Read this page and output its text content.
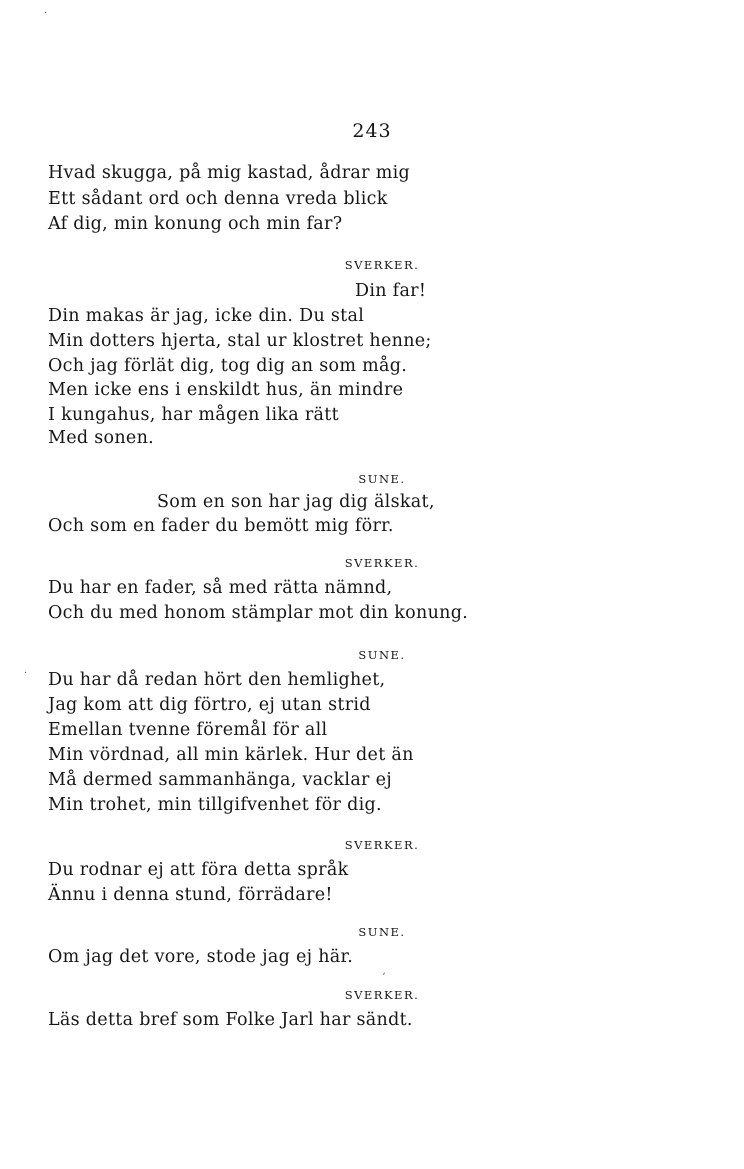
243
Hvad skugga, på mig kastad, ådrar mig
Ett sådant ord och denna vreda blick
Af dig, min konung och min far?
SVERKER.
Din far!
Din makas är jag, icke din. Du stal
Min dotters hjerta, stal ur klostret henne;
Och jag förlät dig, tog dig an som måg.
Men icke ens i enskildt hus, än mindre
I kungahus, har mågen lika rätt
Med sonen.
SUNE.
Som en son har jag dig älskat,
Och som en fader du bemött mig förr.
SVERKER.
Du har en fader, så med rätta nämnd,
Och du med honom stämplar mot din konung.
SUNE.
Du har då redan hört den hemlighet,
Jag kom att dig förtro, ej utan strid
Emellan tvenne föremål för all
Min vördnad, all min kärlek. Hur det än
Må dermed sammanhänga, vacklar ej
Min trohet, min tillgifvenhet för dig.
SVERKER.
Du rodnar ej att föra detta språk
Ännu i denna stund, förrädare!
SUNE.
Om jag det vore, stode jag ej här.
SVERKER.
Läs detta bref som Folke Jarl har sändt.
·
·
ʼ
